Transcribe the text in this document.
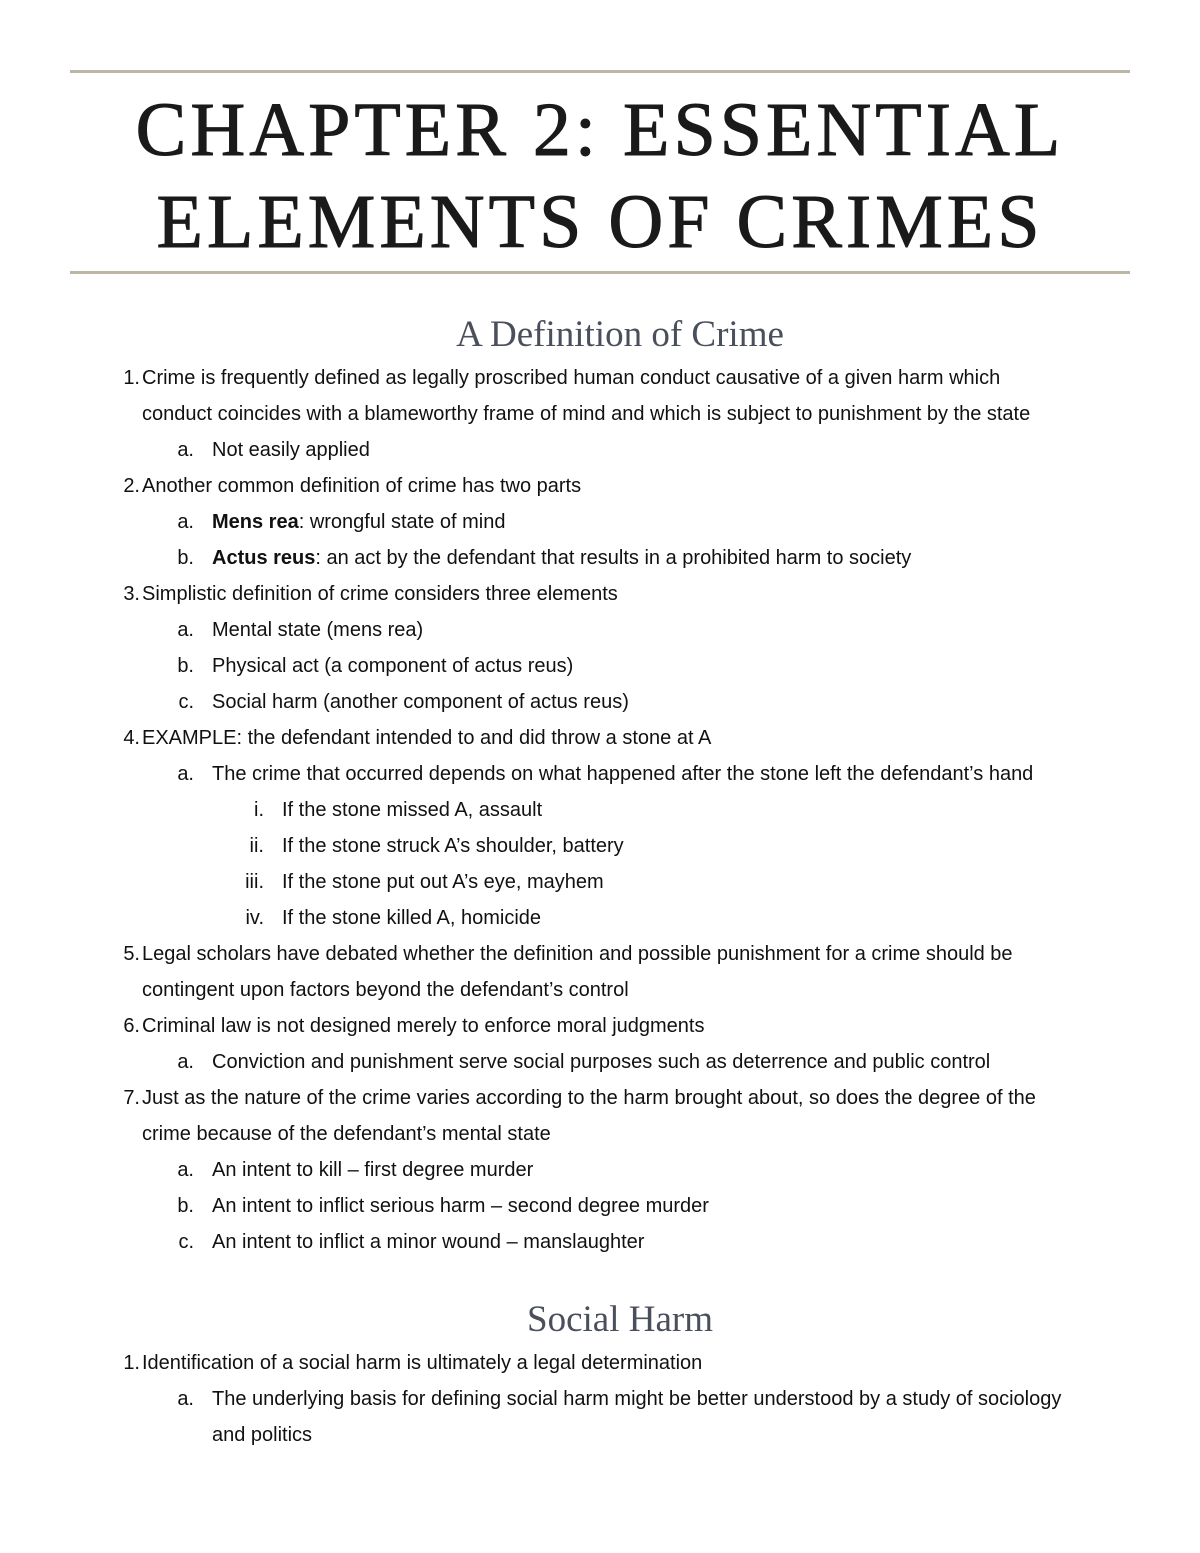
CHAPTER 2: ESSENTIAL
ELEMENTS OF CRIMES
A Definition of Crime
1. Crime is frequently defined as legally proscribed human conduct causative of a given harm which
conduct coincides with a blameworthy frame of mind and which is subject to punishment by the state
a. Not easily applied
2. Another common definition of crime has two parts
a. Mens rea: wrongful state of mind
b. Actus reus: an act by the defendant that results in a prohibited harm to society
3. Simplistic definition of crime considers three elements
a. Mental state (mens rea)
b. Physical act (a component of actus reus)
c. Social harm (another component of actus reus)
4. EXAMPLE: the defendant intended to and did throw a stone at A
a. The crime that occurred depends on what happened after the stone left the defendant’s hand
i. If the stone missed A, assault
ii. If the stone struck A’s shoulder, battery
iii. If the stone put out A’s eye, mayhem
iv. If the stone killed A, homicide
5. Legal scholars have debated whether the definition and possible punishment for a crime should be
contingent upon factors beyond the defendant’s control
6. Criminal law is not designed merely to enforce moral judgments
a. Conviction and punishment serve social purposes such as deterrence and public control
7. Just as the nature of the crime varies according to the harm brought about, so does the degree of the
crime because of the defendant’s mental state
a. An intent to kill – first degree murder
b. An intent to inflict serious harm – second degree murder
c. An intent to inflict a minor wound – manslaughter
Social Harm
1. Identification of a social harm is ultimately a legal determination
a. The underlying basis for defining social harm might be better understood by a study of sociology
and politics
